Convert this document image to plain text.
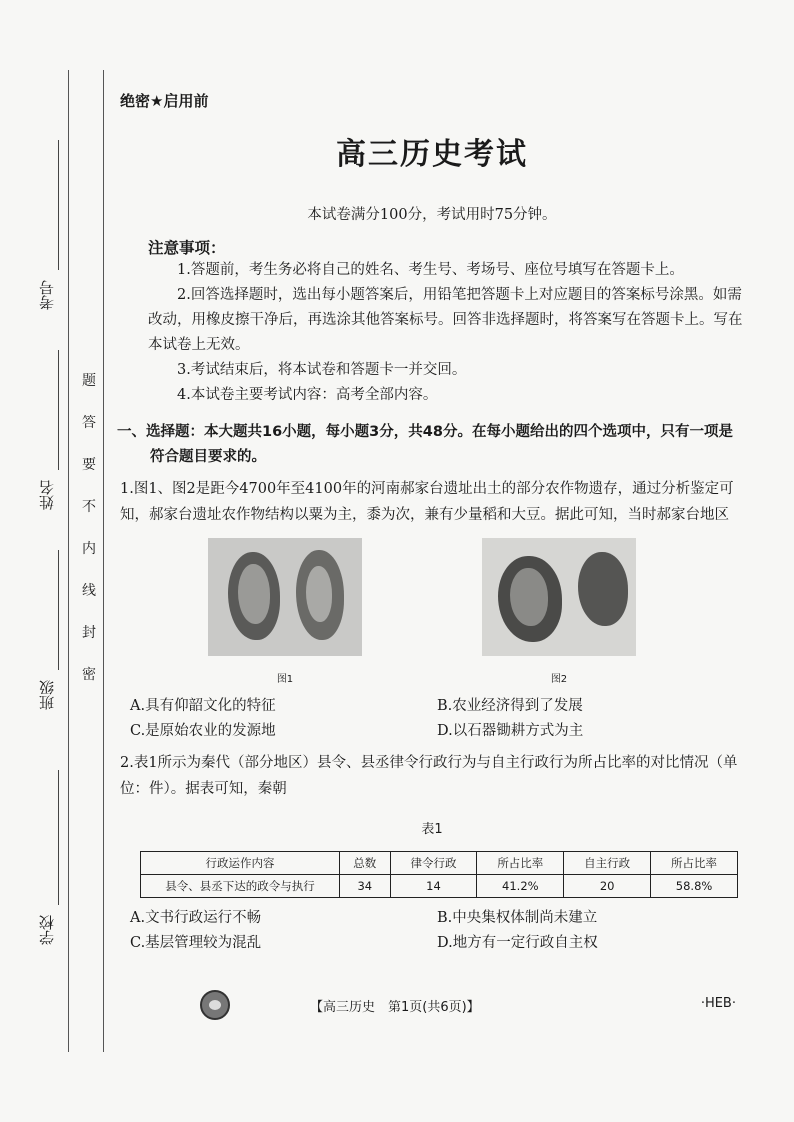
考号
姓名
班级
学校
题
答
要
不
内
线
封
密
绝密★启用前
高三历史考试
本试卷满分100分，考试用时75分钟。
注意事项：
1.答题前，考生务必将自己的姓名、考生号、考场号、座位号填写在答题卡上。
2.回答选择题时，选出每小题答案后，用铅笔把答题卡上对应题目的答案标号涂黑。如需改动，用橡皮擦干净后，再选涂其他答案标号。回答非选择题时，将答案写在答题卡上。写在本试卷上无效。
3.考试结束后，将本试卷和答题卡一并交回。
4.本试卷主要考试内容：高考全部内容。
一、选择题：本大题共16小题，每小题3分，共48分。在每小题给出的四个选项中，只有一项是
符合题目要求的。
1.图1、图2是距今4700年至4100年的河南郝家台遗址出土的部分农作物遗存，通过分析鉴定可知，郝家台遗址农作物结构以粟为主，黍为次，兼有少量稻和大豆。据此可知，当时郝家台地区
图1	图2
A.具有仰韶文化的特征	B.农业经济得到了发展
C.是原始农业的发源地	D.以石器锄耕方式为主
2.表1所示为秦代（部分地区）县令、县丞律令行政行为与自主行政行为所占比率的对比情况（单位：件）。据表可知，秦朝
表1
行政运作内容	总数	律令行政	所占比率	自主行政	所占比率
县令、县丞下达的政令与执行	34	14	41.2%	20	58.8%
A.文书行政运行不畅	B.中央集权体制尚未建立
C.基层管理较为混乱	D.地方有一定行政自主权
【高三历史　第1页(共6页)】	·HEB·
